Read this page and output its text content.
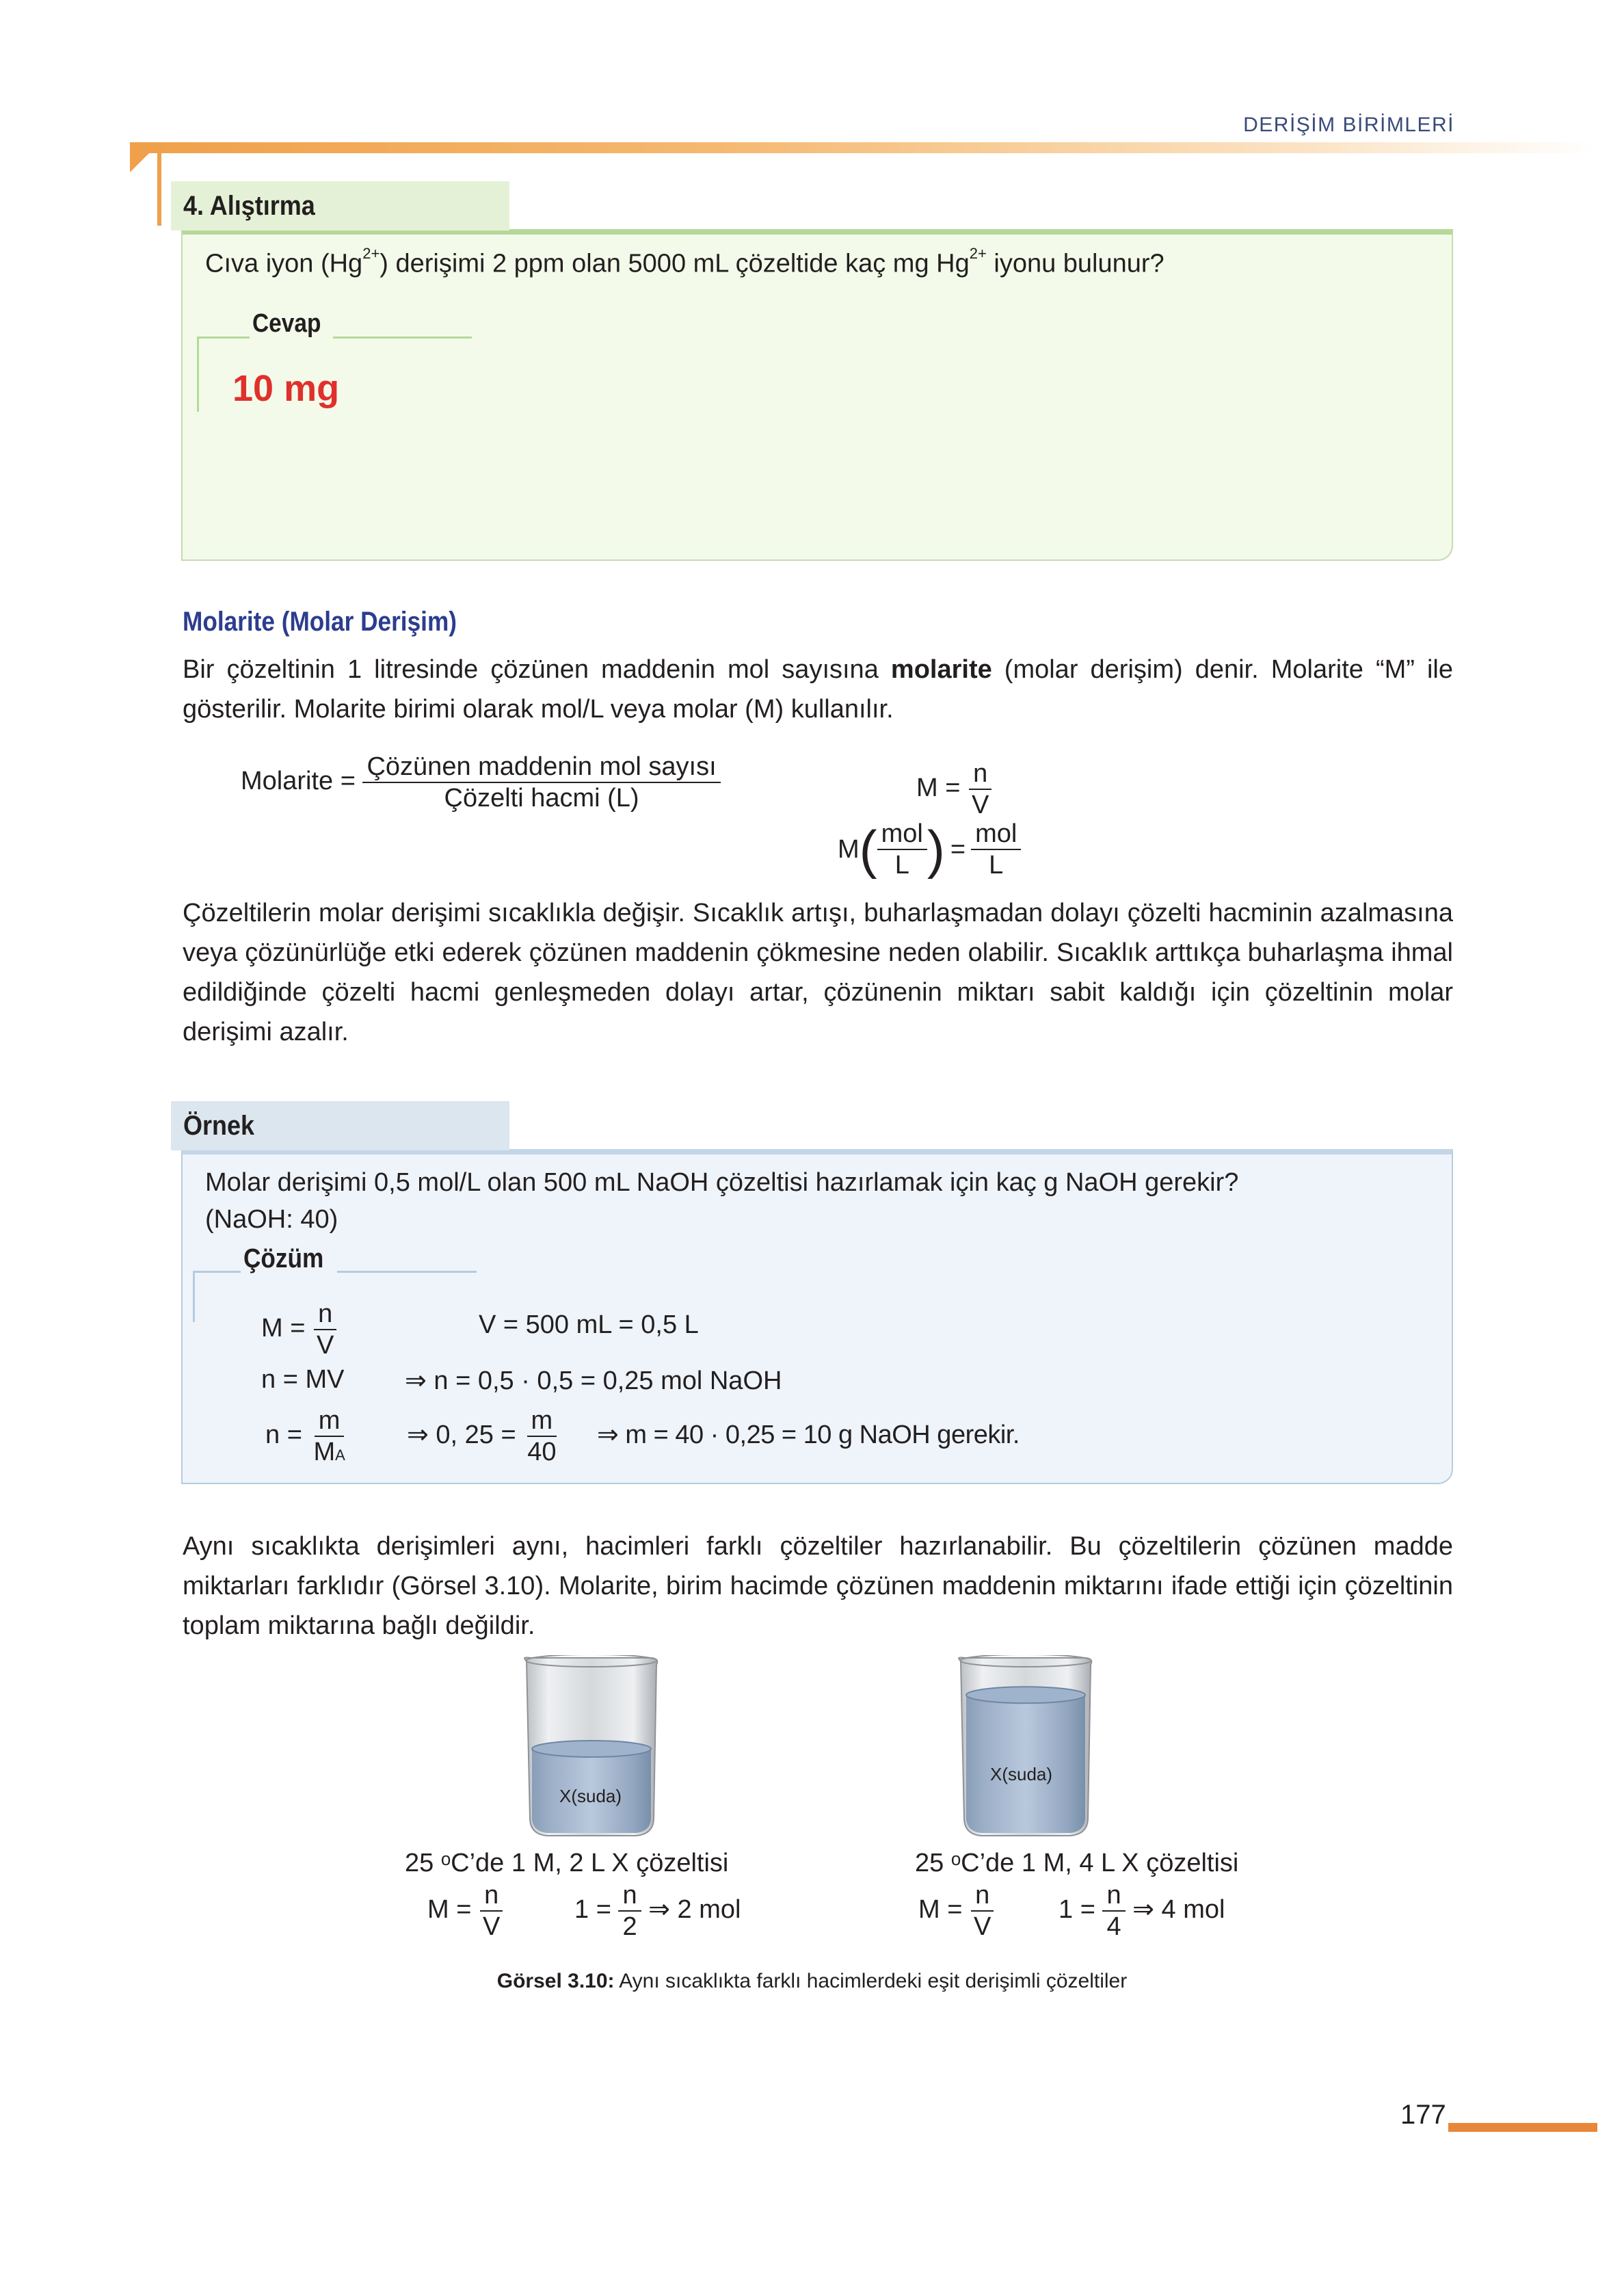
DERİŞİM BİRİMLERİ
4. Alıştırma
Cıva iyon $(Hg^{2+})$ derişimi 2 ppm olan 5000 mL çözeltide kaç mg $Hg^{2+}$ iyonu bulunur?
Cevap
10 mg
Molarite (Molar Derişim)
Bir çözeltinin 1 litresinde çözünen maddenin mol sayısına molarite (molar derişim) denir. Molarite “M” ile gösterilir. Molarite birimi olarak mol/L veya molar (M) kullanılır.
Molarite = $\frac{\text{Çözünen maddenin mol sayısı}}{\text{Çözelti hacmi (L)}}$	$M = \frac{n}{V}$
M ( $\frac{\text{mol}}{L}$ ) = $\frac{\text{mol}}{L}$
Çözeltilerin molar derişimi sıcaklıkla değişir. Sıcaklık artışı, buharlaşmadan dolayı çözelti hacminin azalmasına veya çözünürlüğe etki ederek çözünen maddenin çökmesine neden olabilir. Sıcaklık arttıkça buharlaşma ihmal edildiğinde çözelti hacmi genleşmeden dolayı artar, çözünenin miktarı sabit kaldığı için çözeltinin molar derişimi azalır.
Örnek
Molar derişimi 0,5 mol/L olan 500 mL NaOH çözeltisi hazırlamak için kaç g NaOH gerekir?
(NaOH: 40)
Çözüm
$M = \frac{n}{V}$	V = 500 mL = 0,5 L
n = MV ⇒ n = 0,5 · 0,5 = 0,25 mol NaOH
$n = \frac{m}{MA}$ ⇒ 0, $25 = \frac{m}{40}$ ⇒ m = 40 · 0,25 = 10 g NaOH gerekir.
Aynı sıcaklıkta derişimleri aynı, hacimleri farklı çözeltiler hazırlanabilir. Bu çözeltilerin çözünen madde miktarları farklıdır (Görsel 3.10). Molarite, birim hacimde çözünen maddenin miktarını ifade ettiği için çözeltinin toplam miktarına bağlı değildir.
X(suda)
X(suda)
25 ᵒC’de 1 M, 2 L X çözeltisi	25 ᵒC’de 1 M, 4 L X çözeltisi
$M = \frac{n}{V}$	$1 = \frac{n}{2}$ ⇒ 2 mol	$M = \frac{n}{V} 1 = \frac{n}{4}$ ⇒ 4 mol
Görsel 3.10: Aynı sıcaklıkta farklı hacimlerdeki eşit derişimli çözeltiler
177
